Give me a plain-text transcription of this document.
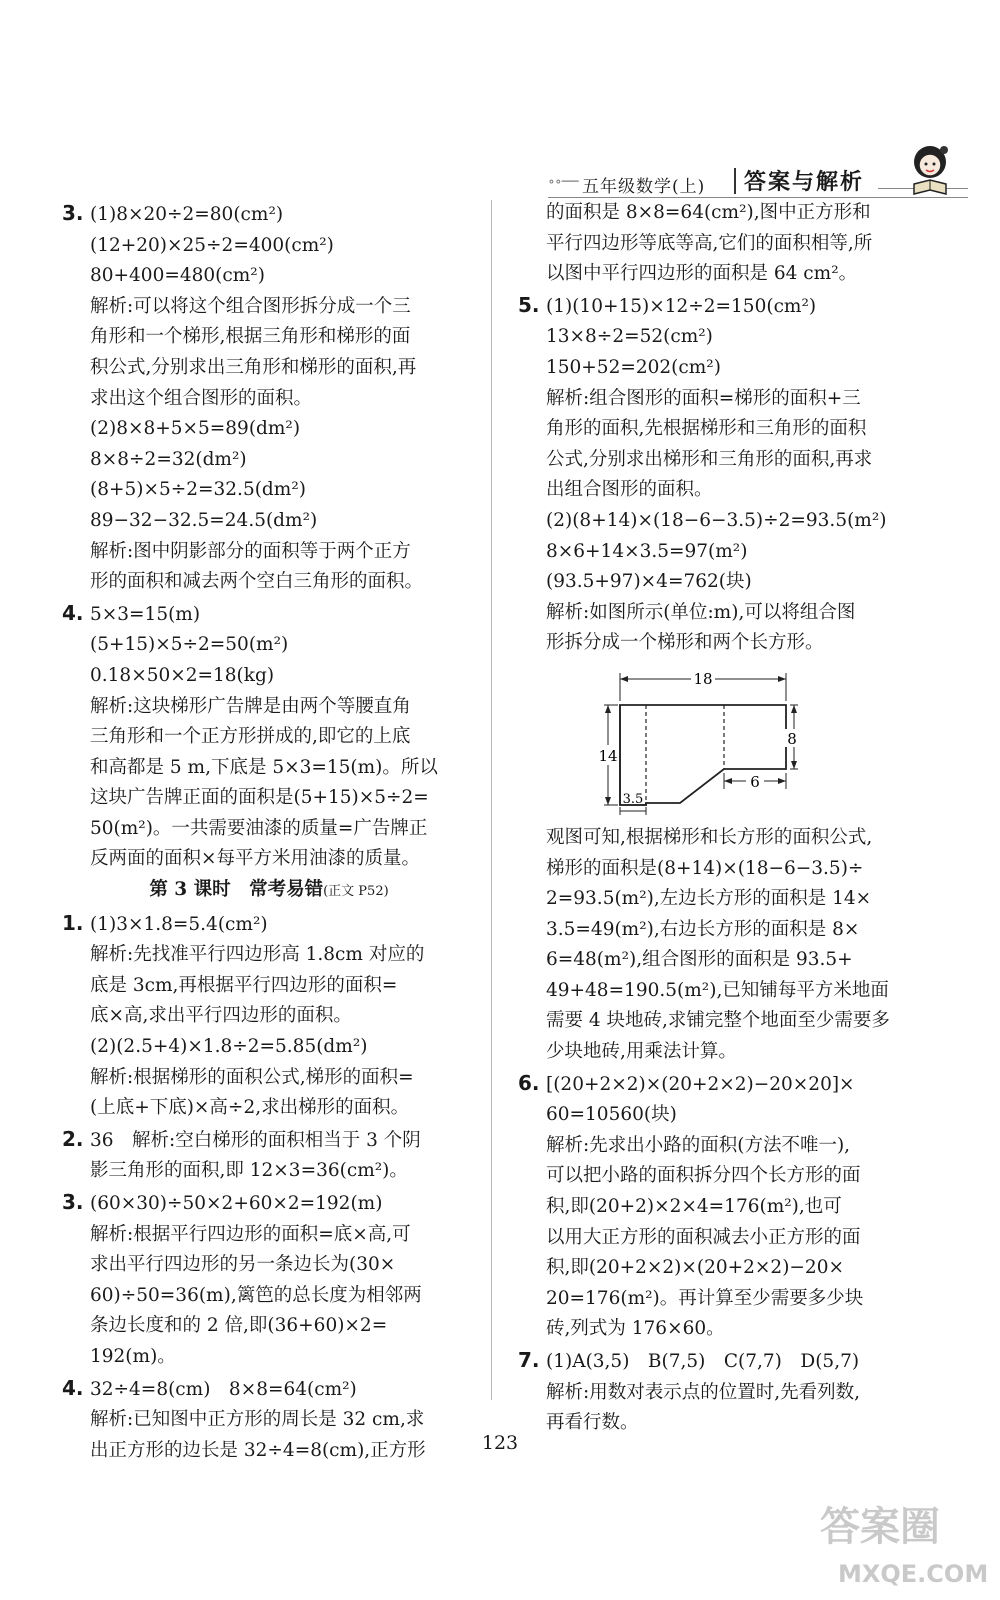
∘∘── 五年级数学(上) 答案与解析
3. (1)8×20÷2=80(cm²)
(12+20)×25÷2=400(cm²)
80+400=480(cm²)
解析:可以将这个组合图形拆分成一个三
角形和一个梯形,根据三角形和梯形的面
积公式,分别求出三角形和梯形的面积,再
求出这个组合图形的面积。
(2)8×8+5×5=89(dm²)
8×8÷2=32(dm²)
(8+5)×5÷2=32.5(dm²)
89−32−32.5=24.5(dm²)
解析:图中阴影部分的面积等于两个正方
形的面积和减去两个空白三角形的面积。
4. 5×3=15(m)
(5+15)×5÷2=50(m²)
0.18×50×2=18(kg)
解析:这块梯形广告牌是由两个等腰直角
三角形和一个正方形拼成的,即它的上底
和高都是 5 m,下底是 5×3=15(m)。所以
这块广告牌正面的面积是(5+15)×5÷2=
50(m²)。一共需要油漆的质量=广告牌正
反两面的面积×每平方米用油漆的质量。
第 3 课时　常考易错(正文 P52)
1. (1)3×1.8=5.4(cm²)
解析:先找准平行四边形高 1.8cm 对应的
底是 3cm,再根据平行四边形的面积=
底×高,求出平行四边形的面积。
(2)(2.5+4)×1.8÷2=5.85(dm²)
解析:根据梯形的面积公式,梯形的面积=
(上底+下底)×高÷2,求出梯形的面积。
2. 36　解析:空白梯形的面积相当于 3 个阴
影三角形的面积,即 12×3=36(cm²)。
3. (60×30)÷50×2+60×2=192(m)
解析:根据平行四边形的面积=底×高,可
求出平行四边形的另一条边长为(30×
60)÷50=36(m),篱笆的总长度为相邻两
条边长度和的 2 倍,即(36+60)×2=
192(m)。
4. 32÷4=8(cm)　8×8=64(cm²)
解析:已知图中正方形的周长是 32 cm,求
出正方形的边长是 32÷4=8(cm),正方形
的面积是 8×8=64(cm²),图中正方形和
平行四边形等底等高,它们的面积相等,所
以图中平行四边形的面积是 64 cm²。
5. (1)(10+15)×12÷2=150(cm²)
13×8÷2=52(cm²)
150+52=202(cm²)
解析:组合图形的面积=梯形的面积+三
角形的面积,先根据梯形和三角形的面积
公式,分别求出梯形和三角形的面积,再求
出组合图形的面积。
(2)(8+14)×(18−6−3.5)÷2=93.5(m²)
8×6+14×3.5=97(m²)
(93.5+97)×4=762(块)
解析:如图所示(单位:m),可以将组合图
形拆分成一个梯形和两个长方形。
18
14
8
6
3.5
观图可知,根据梯形和长方形的面积公式,
梯形的面积是(8+14)×(18−6−3.5)÷
2=93.5(m²),左边长方形的面积是 14×
3.5=49(m²),右边长方形的面积是 8×
6=48(m²),组合图形的面积是 93.5+
49+48=190.5(m²),已知铺每平方米地面
需要 4 块地砖,求铺完整个地面至少需要多
少块地砖,用乘法计算。
6. [(20+2×2)×(20+2×2)−20×20]×
60=10560(块)
解析:先求出小路的面积(方法不唯一),
可以把小路的面积拆分四个长方形的面
积,即(20+2)×2×4=176(m²),也可
以用大正方形的面积减去小正方形的面
积,即(20+2×2)×(20+2×2)−20×
20=176(m²)。再计算至少需要多少块
砖,列式为 176×60。
7. (1)A(3,5)　B(7,5)　C(7,7)　D(5,7)
解析:用数对表示点的位置时,先看列数,
再看行数。
123
答案圈
MXQE.COM
